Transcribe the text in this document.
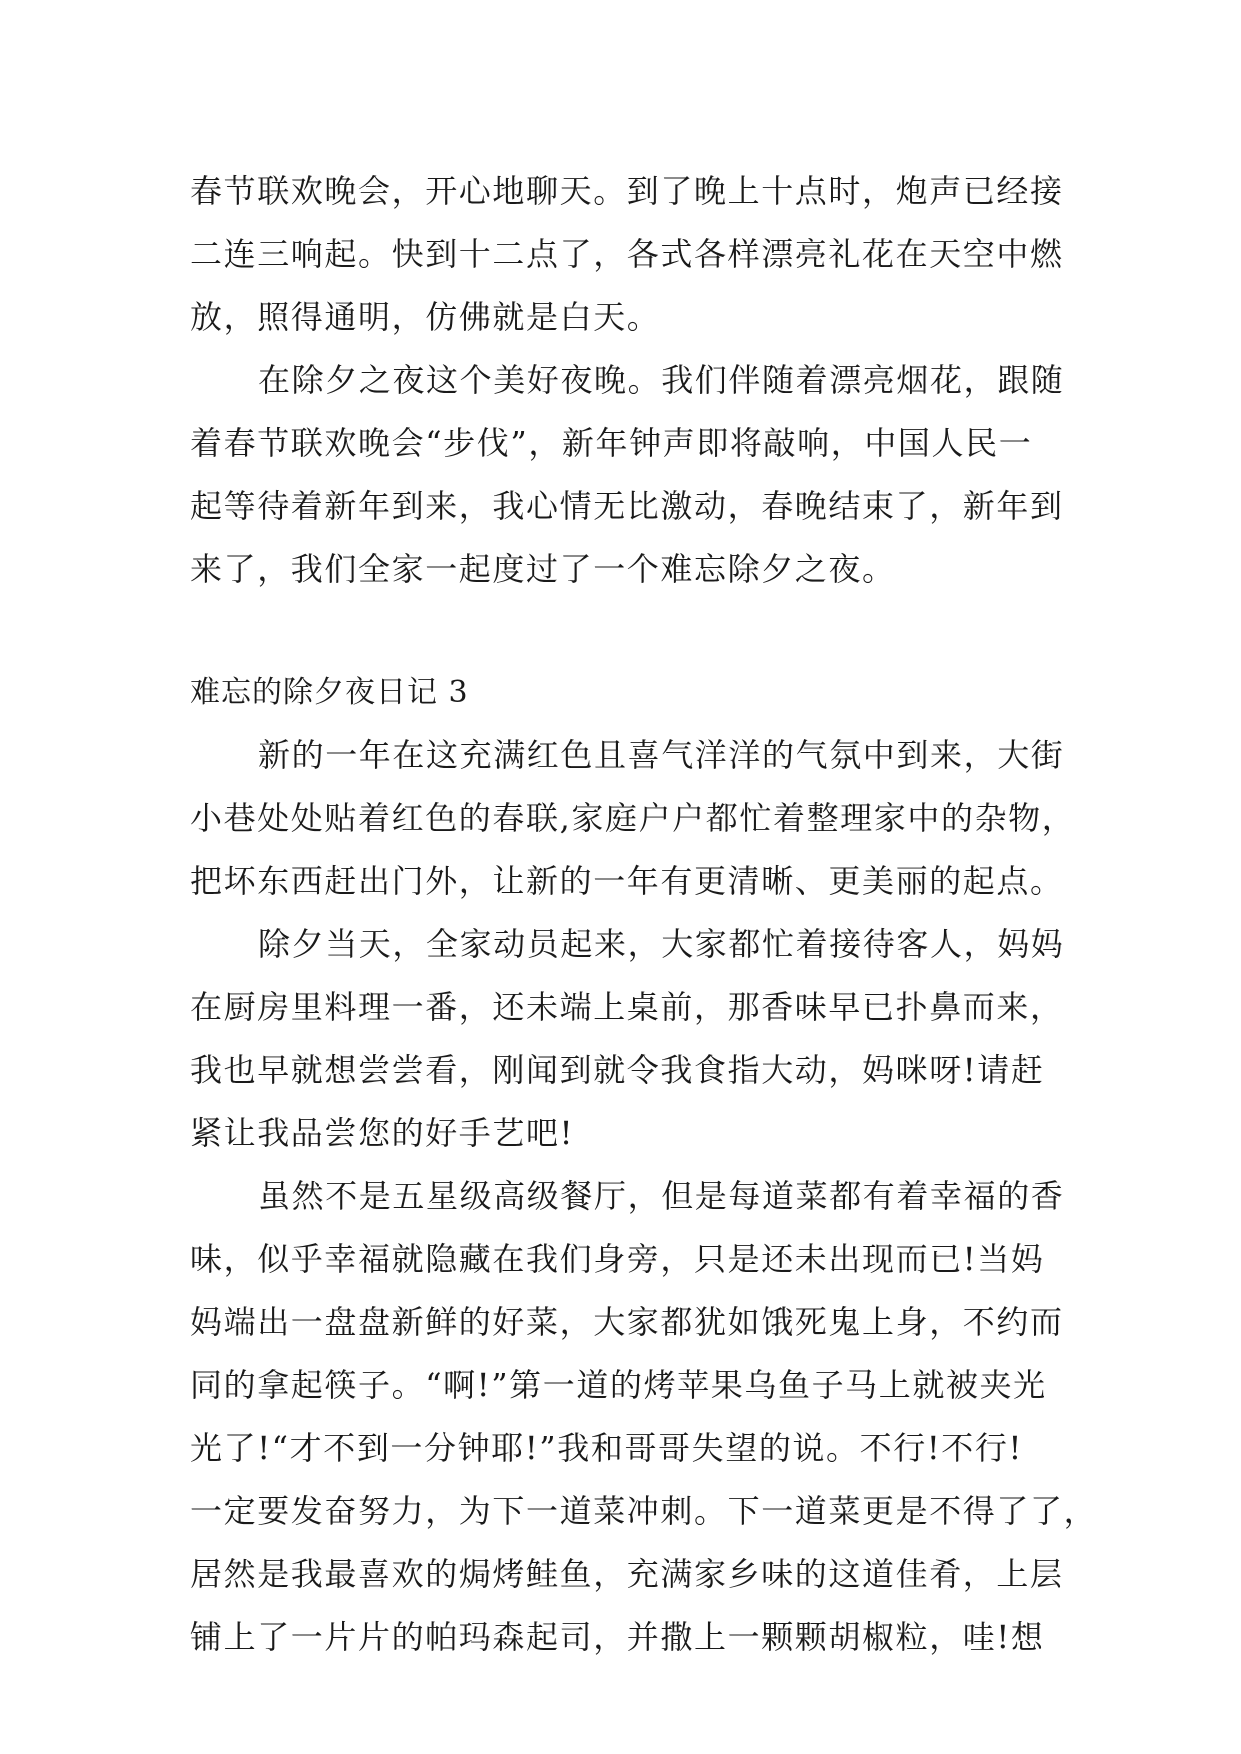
春节联欢晚会，开心地聊天。到了晚上十点时，炮声已经接
二连三响起。快到十二点了，各式各样漂亮礼花在天空中燃
放，照得通明，仿佛就是白天。
在除夕之夜这个美好夜晚。我们伴随着漂亮烟花，跟随
着春节联欢晚会“步伐”，新年钟声即将敲响，中国人民一
起等待着新年到来，我心情无比激动，春晚结束了，新年到
来了，我们全家一起度过了一个难忘除夕之夜。
难忘的除夕夜日记 3
新的一年在这充满红色且喜气洋洋的气氛中到来，大街
小巷处处贴着红色的春联,家庭户户都忙着整理家中的杂物，
把坏东西赶出门外，让新的一年有更清晰、更美丽的起点。
除夕当天，全家动员起来，大家都忙着接待客人，妈妈
在厨房里料理一番，还未端上桌前，那香味早已扑鼻而来，
我也早就想尝尝看，刚闻到就令我食指大动，妈咪呀!请赶
紧让我品尝您的好手艺吧!
虽然不是五星级高级餐厅，但是每道菜都有着幸福的香
味，似乎幸福就隐藏在我们身旁，只是还未出现而已!当妈
妈端出一盘盘新鲜的好菜，大家都犹如饿死鬼上身，不约而
同的拿起筷子。“啊!”第一道的烤苹果乌鱼子马上就被夹光
光了!“才不到一分钟耶!”我和哥哥失望的说。不行!不行!
一定要发奋努力，为下一道菜冲刺。下一道菜更是不得了了，
居然是我最喜欢的焗烤鲑鱼，充满家乡味的这道佳肴，上层
铺上了一片片的帕玛森起司，并撒上一颗颗胡椒粒，哇!想
